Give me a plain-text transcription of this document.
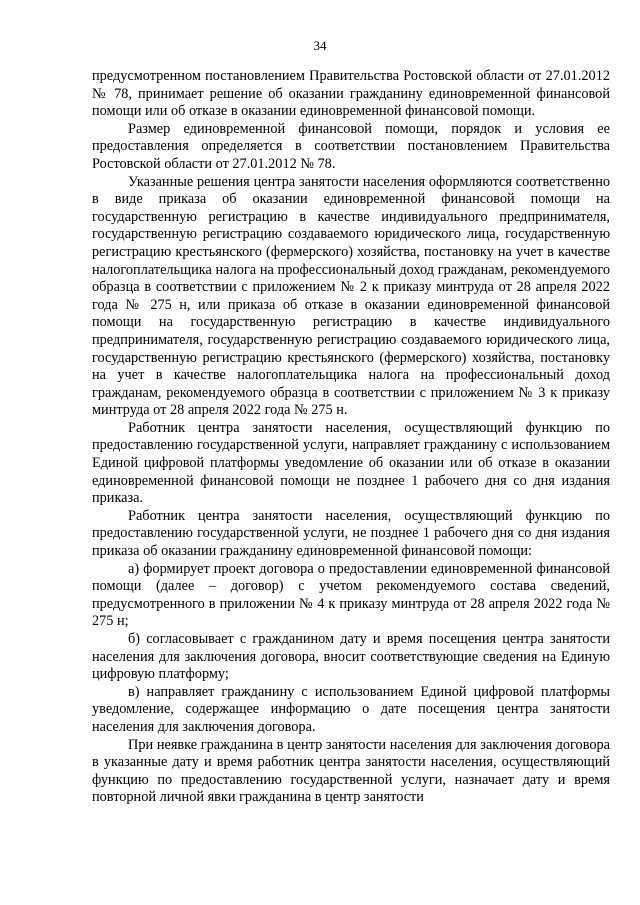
34

предусмотренном постановлением Правительства Ростовской области от 27.01.2012 № 78, принимает решение об оказании гражданину единовременной финансовой помощи или об отказе в оказании единовременной финансовой помощи.

Размер единовременной финансовой помощи, порядок и условия ее предоставления определяется в соответствии постановлением Правительства Ростовской области от 27.01.2012 № 78.

Указанные решения центра занятости населения оформляются соответственно в виде приказа об оказании единовременной финансовой помощи на государственную регистрацию в качестве индивидуального предпринимателя, государственную регистрацию создаваемого юридического лица, государственную регистрацию крестьянского (фермерского) хозяйства, постановку на учет в качестве налогоплательщика налога на профессиональный доход гражданам, рекомендуемого образца в соответствии с приложением № 2 к приказу минтруда от 28 апреля 2022 года № 275 н, или приказа об отказе в оказании единовременной финансовой помощи на государственную регистрацию в качестве индивидуального предпринимателя, государственную регистрацию создаваемого юридического лица, государственную регистрацию крестьянского (фермерского) хозяйства, постановку на учет в качестве налогоплательщика налога на профессиональный доход гражданам, рекомендуемого образца в соответствии с приложением № 3 к приказу минтруда от 28 апреля 2022 года № 275 н.

Работник центра занятости населения, осуществляющий функцию по предоставлению государственной услуги, направляет гражданину с использованием Единой цифровой платформы уведомление об оказании или об отказе в оказании единовременной финансовой помощи не позднее 1 рабочего дня со дня издания приказа.

Работник центра занятости населения, осуществляющий функцию по предоставлению государственной услуги, не позднее 1 рабочего дня со дня издания приказа об оказании гражданину единовременной финансовой помощи:

а) формирует проект договора о предоставлении единовременной финансовой помощи (далее – договор) с учетом рекомендуемого состава сведений, предусмотренного в приложении № 4 к приказу минтруда от 28 апреля 2022 года № 275 н;

б) согласовывает с гражданином дату и время посещения центра занятости населения для заключения договора, вносит соответствующие сведения на Единую цифровую платформу;

в) направляет гражданину с использованием Единой цифровой платформы уведомление, содержащее информацию о дате посещения центра занятости населения для заключения договора.

При неявке гражданина в центр занятости населения для заключения договора в указанные дату и время работник центра занятости населения, осуществляющий функцию по предоставлению государственной услуги, назначает дату и время повторной личной явки гражданина в центр занятости
